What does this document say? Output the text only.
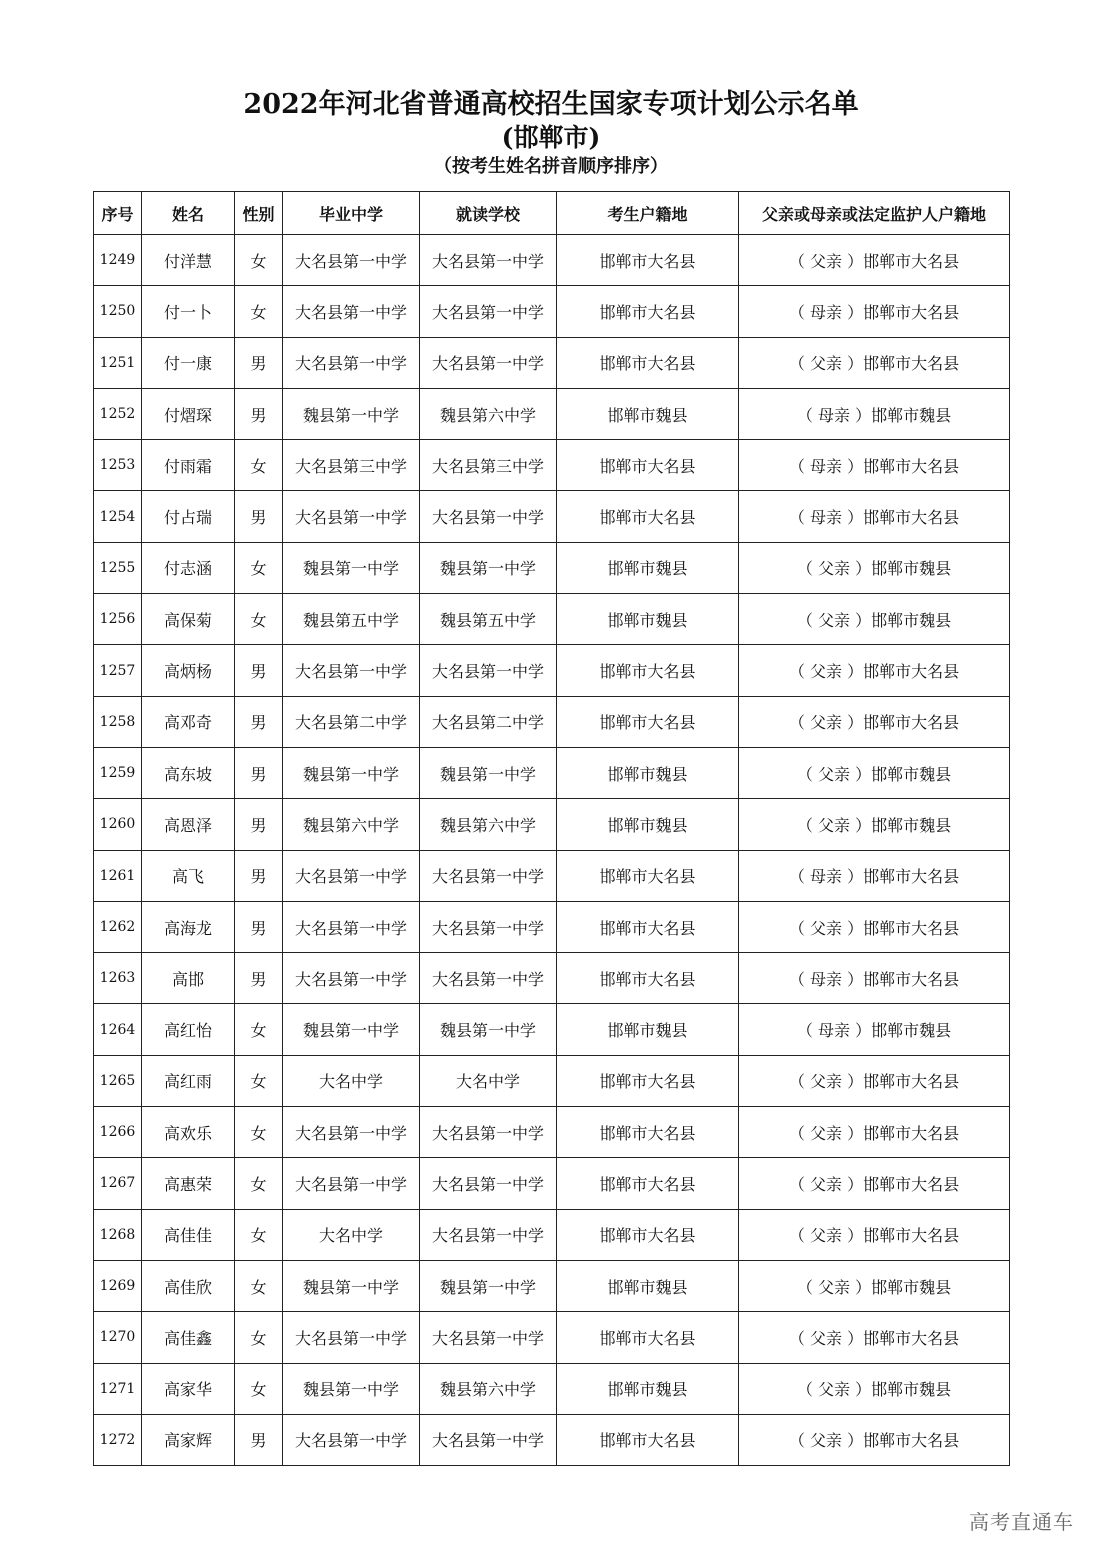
2022年河北省普通高校招生国家专项计划公示名单
(邯郸市)
（按考生姓名拼音顺序排序）
序号	姓名	性别	毕业中学	就读学校	考生户籍地	父亲或母亲或法定监护人户籍地
1249	付洋慧	女	大名县第一中学	大名县第一中学	邯郸市大名县	（ 父亲 ）邯郸市大名县
1250	付一卜	女	大名县第一中学	大名县第一中学	邯郸市大名县	（ 母亲 ）邯郸市大名县
1251	付一康	男	大名县第一中学	大名县第一中学	邯郸市大名县	（ 父亲 ）邯郸市大名县
1252	付熠琛	男	魏县第一中学	魏县第六中学	邯郸市魏县	（ 母亲 ）邯郸市魏县
1253	付雨霜	女	大名县第三中学	大名县第三中学	邯郸市大名县	（ 母亲 ）邯郸市大名县
1254	付占瑞	男	大名县第一中学	大名县第一中学	邯郸市大名县	（ 母亲 ）邯郸市大名县
1255	付志涵	女	魏县第一中学	魏县第一中学	邯郸市魏县	（ 父亲 ）邯郸市魏县
1256	高保菊	女	魏县第五中学	魏县第五中学	邯郸市魏县	（ 父亲 ）邯郸市魏县
1257	高炳杨	男	大名县第一中学	大名县第一中学	邯郸市大名县	（ 父亲 ）邯郸市大名县
1258	高邓奇	男	大名县第二中学	大名县第二中学	邯郸市大名县	（ 父亲 ）邯郸市大名县
1259	高东坡	男	魏县第一中学	魏县第一中学	邯郸市魏县	（ 父亲 ）邯郸市魏县
1260	高恩泽	男	魏县第六中学	魏县第六中学	邯郸市魏县	（ 父亲 ）邯郸市魏县
1261	高飞	男	大名县第一中学	大名县第一中学	邯郸市大名县	（ 母亲 ）邯郸市大名县
1262	高海龙	男	大名县第一中学	大名县第一中学	邯郸市大名县	（ 父亲 ）邯郸市大名县
1263	高邯	男	大名县第一中学	大名县第一中学	邯郸市大名县	（ 母亲 ）邯郸市大名县
1264	高红怡	女	魏县第一中学	魏县第一中学	邯郸市魏县	（ 母亲 ）邯郸市魏县
1265	高红雨	女	大名中学	大名中学	邯郸市大名县	（ 父亲 ）邯郸市大名县
1266	高欢乐	女	大名县第一中学	大名县第一中学	邯郸市大名县	（ 父亲 ）邯郸市大名县
1267	高惠荣	女	大名县第一中学	大名县第一中学	邯郸市大名县	（ 父亲 ）邯郸市大名县
1268	高佳佳	女	大名中学	大名县第一中学	邯郸市大名县	（ 父亲 ）邯郸市大名县
1269	高佳欣	女	魏县第一中学	魏县第一中学	邯郸市魏县	（ 父亲 ）邯郸市魏县
1270	高佳鑫	女	大名县第一中学	大名县第一中学	邯郸市大名县	（ 父亲 ）邯郸市大名县
1271	高家华	女	魏县第一中学	魏县第六中学	邯郸市魏县	（ 父亲 ）邯郸市魏县
1272	高家辉	男	大名县第一中学	大名县第一中学	邯郸市大名县	（ 父亲 ）邯郸市大名县
高考直通车
